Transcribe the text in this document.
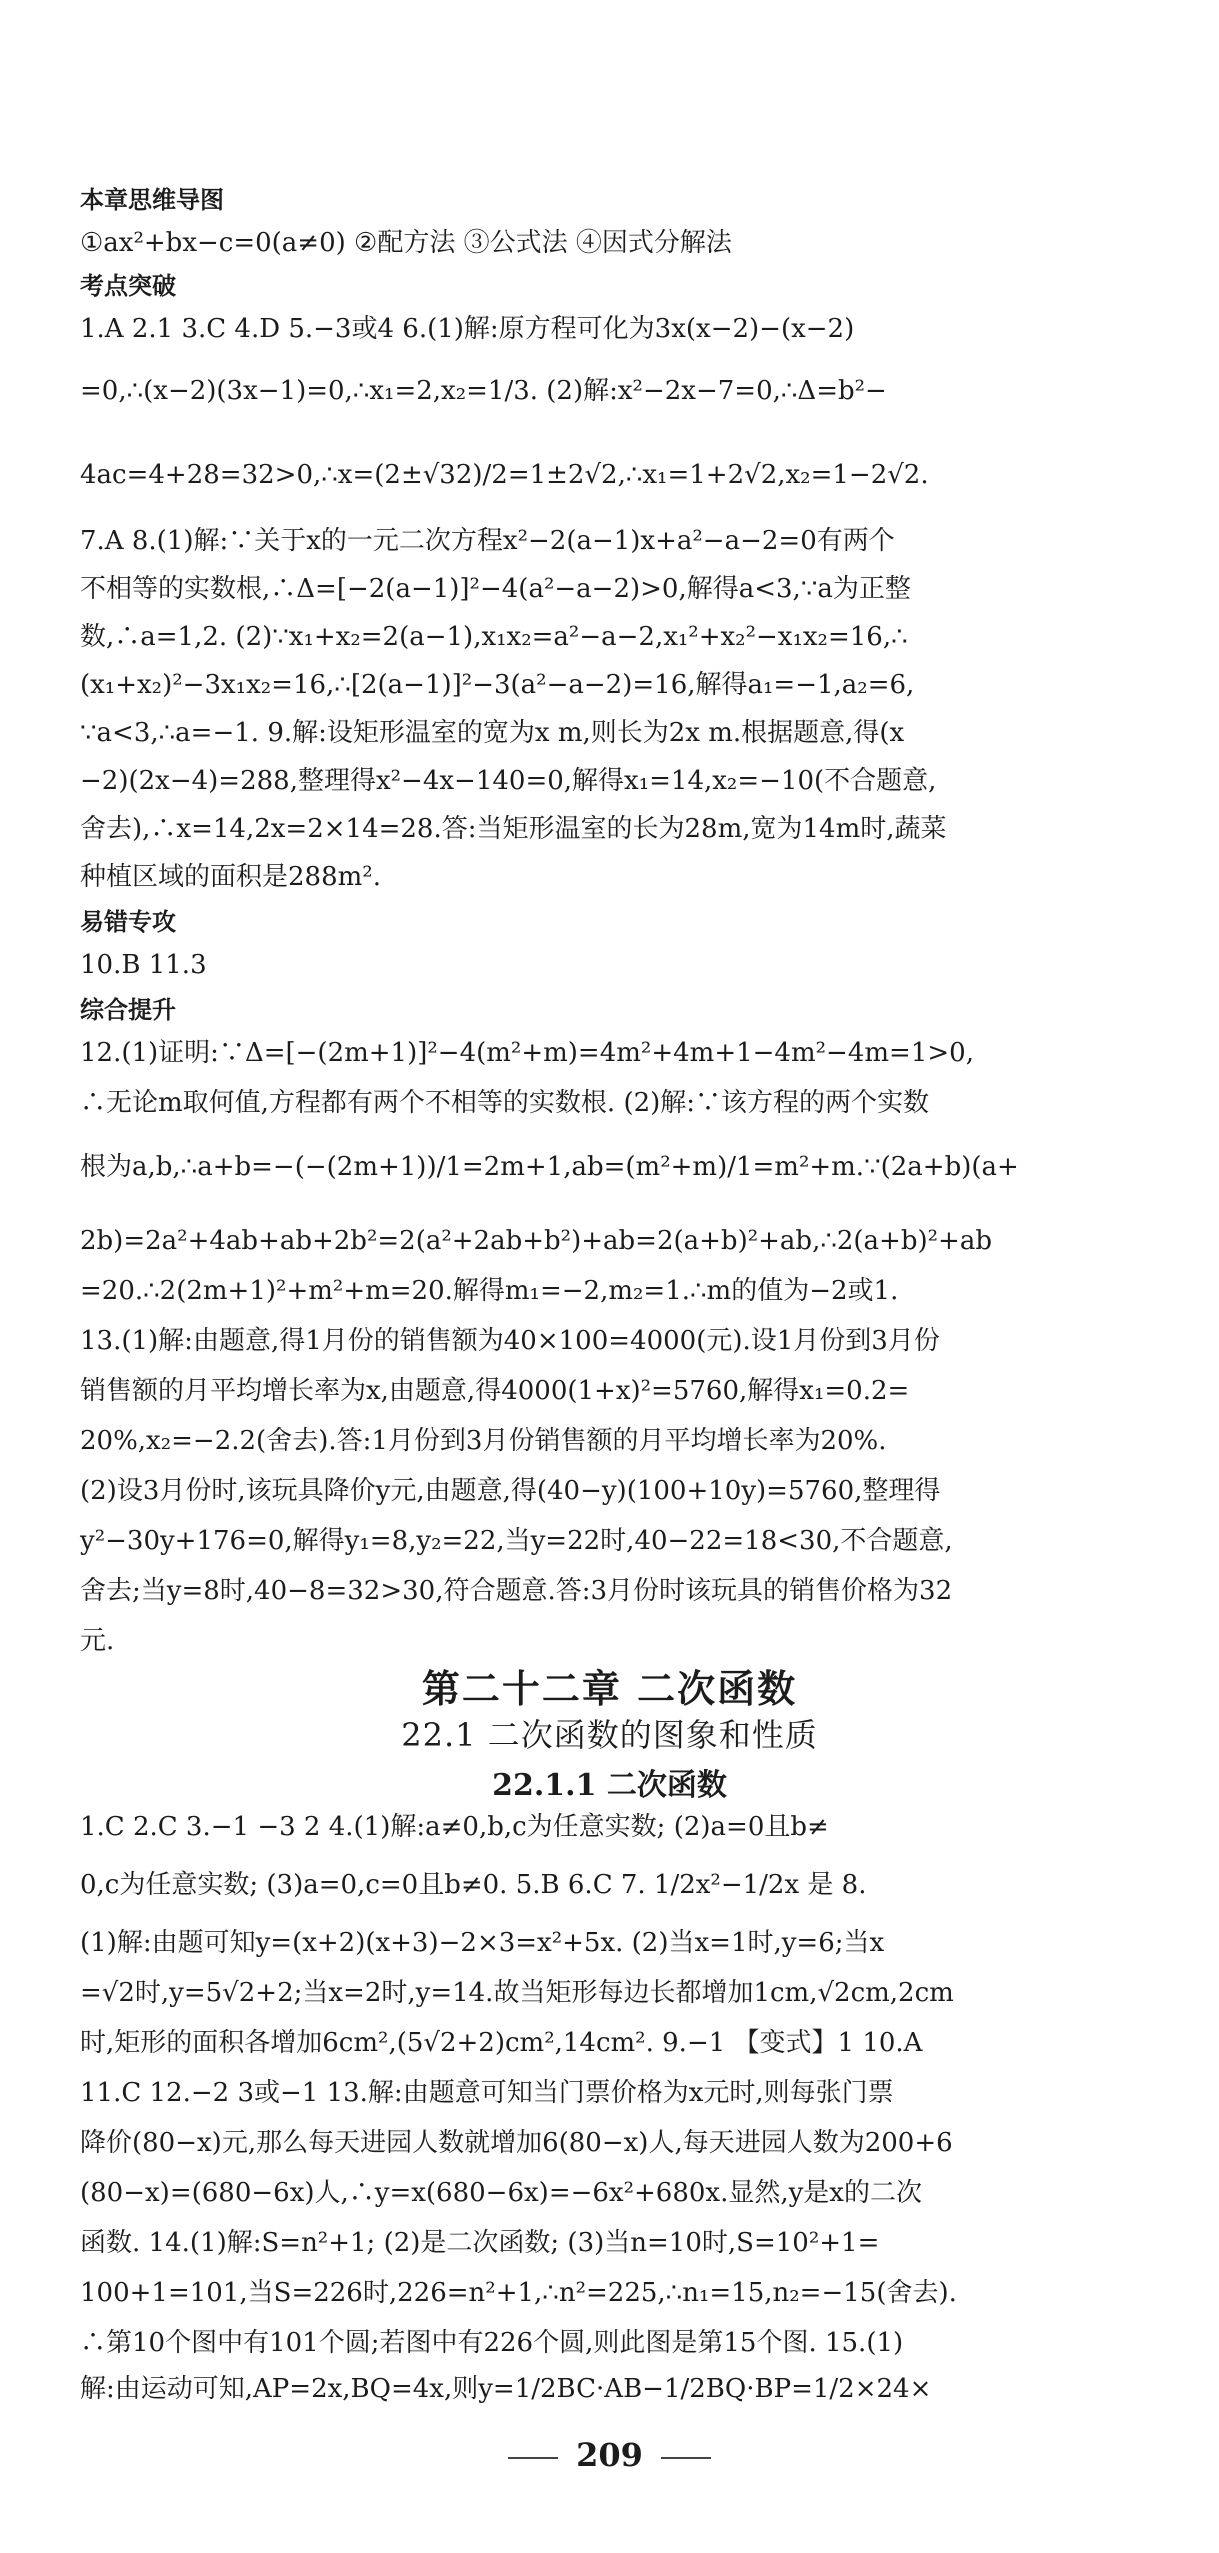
本章思维导图
①ax²+bx−c=0(a≠0) ②配方法 ③公式法 ④因式分解法
考点突破
1.A 2.1 3.C 4.D 5.−3或4 6.(1)解:原方程可化为3x(x−2)−(x−2)
=0,∴(x−2)(3x−1)=0,∴x₁=2,x₂=1/3. (2)解:x²−2x−7=0,∴Δ=b²−
4ac=4+28=32>0,∴x=(2±√32)/2=1±2√2,∴x₁=1+2√2,x₂=1−2√2.
7.A 8.(1)解:∵关于x的一元二次方程x²−2(a−1)x+a²−a−2=0有两个
不相等的实数根,∴Δ=[−2(a−1)]²−4(a²−a−2)>0,解得a<3,∵a为正整
数,∴a=1,2. (2)∵x₁+x₂=2(a−1),x₁x₂=a²−a−2,x₁²+x₂²−x₁x₂=16,∴
(x₁+x₂)²−3x₁x₂=16,∴[2(a−1)]²−3(a²−a−2)=16,解得a₁=−1,a₂=6,
∵a<3,∴a=−1. 9.解:设矩形温室的宽为x m,则长为2x m.根据题意,得(x
−2)(2x−4)=288,整理得x²−4x−140=0,解得x₁=14,x₂=−10(不合题意,
舍去),∴x=14,2x=2×14=28.答:当矩形温室的长为28m,宽为14m时,蔬菜
种植区域的面积是288m².
易错专攻
10.B 11.3
综合提升
12.(1)证明:∵Δ=[−(2m+1)]²−4(m²+m)=4m²+4m+1−4m²−4m=1>0,
∴无论m取何值,方程都有两个不相等的实数根. (2)解:∵该方程的两个实数
根为a,b,∴a+b=−(−(2m+1))/1=2m+1,ab=(m²+m)/1=m²+m.∵(2a+b)(a+
2b)=2a²+4ab+ab+2b²=2(a²+2ab+b²)+ab=2(a+b)²+ab,∴2(a+b)²+ab
=20.∴2(2m+1)²+m²+m=20.解得m₁=−2,m₂=1.∴m的值为−2或1.
13.(1)解:由题意,得1月份的销售额为40×100=4000(元).设1月份到3月份
销售额的月平均增长率为x,由题意,得4000(1+x)²=5760,解得x₁=0.2=
20%,x₂=−2.2(舍去).答:1月份到3月份销售额的月平均增长率为20%.
(2)设3月份时,该玩具降价y元,由题意,得(40−y)(100+10y)=5760,整理得
y²−30y+176=0,解得y₁=8,y₂=22,当y=22时,40−22=18<30,不合题意,
舍去;当y=8时,40−8=32>30,符合题意.答:3月份时该玩具的销售价格为32
元.
第二十二章 二次函数
22.1 二次函数的图象和性质
22.1.1 二次函数
1.C 2.C 3.−1 −3 2 4.(1)解:a≠0,b,c为任意实数; (2)a=0且b≠
0,c为任意实数; (3)a=0,c=0且b≠0. 5.B 6.C 7. 1/2x²−1/2x 是 8.
(1)解:由题可知y=(x+2)(x+3)−2×3=x²+5x. (2)当x=1时,y=6;当x
=√2时,y=5√2+2;当x=2时,y=14.故当矩形每边长都增加1cm,√2cm,2cm
时,矩形的面积各增加6cm²,(5√2+2)cm²,14cm². 9.−1 【变式】1 10.A
11.C 12.−2 3或−1 13.解:由题意可知当门票价格为x元时,则每张门票
降价(80−x)元,那么每天进园人数就增加6(80−x)人,每天进园人数为200+6
(80−x)=(680−6x)人,∴y=x(680−6x)=−6x²+680x.显然,y是x的二次
函数. 14.(1)解:S=n²+1; (2)是二次函数; (3)当n=10时,S=10²+1=
100+1=101,当S=226时,226=n²+1,∴n²=225,∴n₁=15,n₂=−15(舍去).
∴第10个图中有101个圆;若图中有226个圆,则此图是第15个图. 15.(1)
解:由运动可知,AP=2x,BQ=4x,则y=1/2BC·AB−1/2BQ·BP=1/2×24×
209
